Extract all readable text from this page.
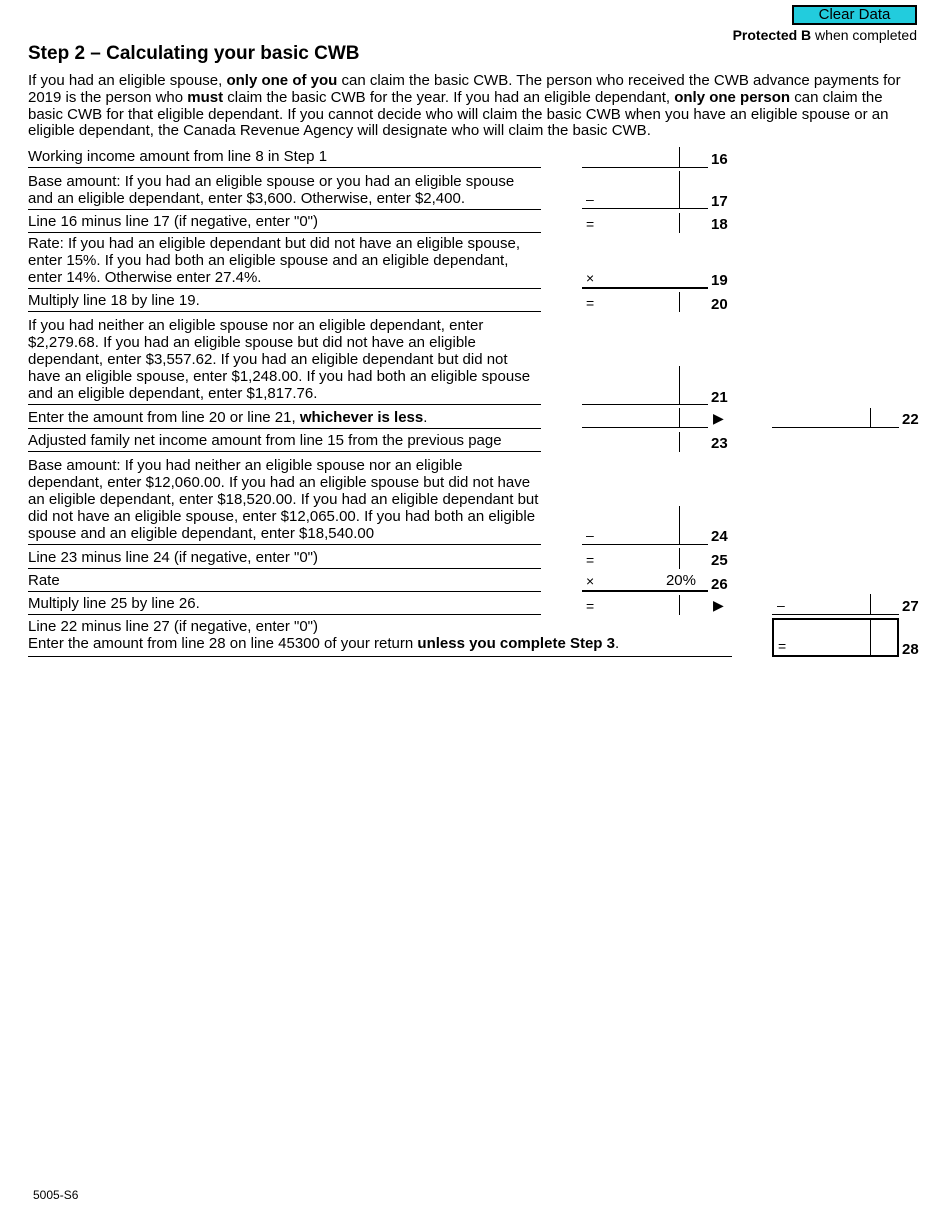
Clear Data
Protected B when completed
Step 2 – Calculating your basic CWB
If you had an eligible spouse, only one of you can claim the basic CWB. The person who received the CWB advance payments for 2019 is the person who must claim the basic CWB for the year. If you had an eligible dependant, only one person can claim the basic CWB for that eligible dependant. If you cannot decide who will claim the basic CWB when you have an eligible spouse or an eligible dependant, the Canada Revenue Agency will designate who will claim the basic CWB.
Working income amount from line 8 in Step 1	16
Base amount: If you had an eligible spouse or you had an eligible spouse and an eligible dependant, enter $3,600. Otherwise, enter $2,400.	–	17
Line 16 minus line 17 (if negative, enter "0")	=	18
Rate: If you had an eligible dependant but did not have an eligible spouse, enter 15%. If you had both an eligible spouse and an eligible dependant, enter 14%. Otherwise enter 27.4%.	×	19
Multiply line 18 by line 19.	=	20
If you had neither an eligible spouse nor an eligible dependant, enter $2,279.68. If you had an eligible spouse but did not have an eligible dependant, enter $3,557.62. If you had an eligible dependant but did not have an eligible spouse, enter $1,248.00. If you had both an eligible spouse and an eligible dependant, enter $1,817.76.	21
Enter the amount from line 20 or line 21, whichever is less.	▶	22
Adjusted family net income amount from line 15 from the previous page	23
Base amount: If you had neither an eligible spouse nor an eligible dependant, enter $12,060.00. If you had an eligible spouse but did not have an eligible dependant, enter $18,520.00. If you had an eligible dependant but did not have an eligible spouse, enter $12,065.00. If you had both an eligible spouse and an eligible dependant, enter $18,540.00	–	24
Line 23 minus line 24 (if negative, enter "0")	=	25
Rate	×	20% 26
Multiply line 25 by line 26.	=	▶	–	27
Line 22 minus line 27 (if negative, enter "0")
Enter the amount from line 28 on line 45300 of your return unless you complete Step 3.	=	28
5005-S6
